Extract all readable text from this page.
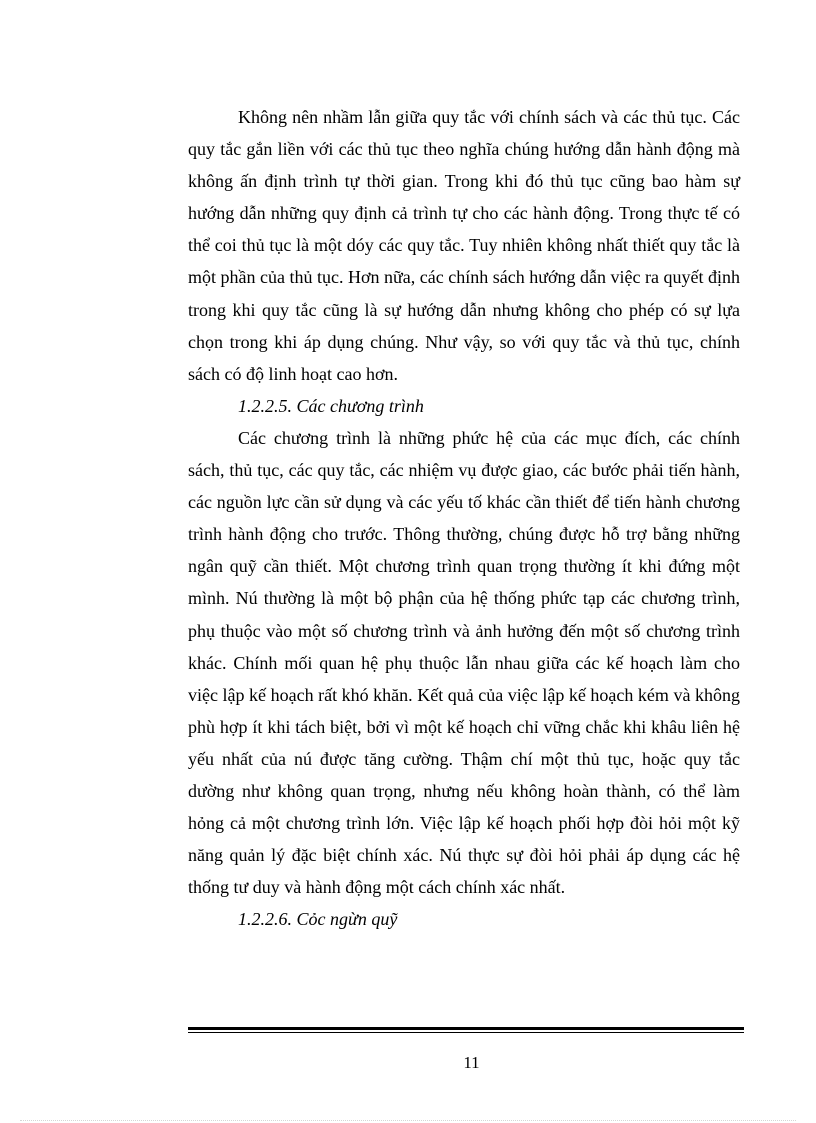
Không nên nhầm lẫn giữa quy tắc với chính sách và các thủ tục. Các quy tắc gắn liền với các thủ tục theo nghĩa chúng hướng dẫn hành động mà không ấn định trình tự thời gian. Trong khi đó thủ tục cũng bao hàm sự hướng dẫn những quy định cả trình tự cho các hành động. Trong thực tế có thể coi thủ tục là một dóy các quy tắc. Tuy nhiên không nhất thiết quy tắc là một phần của thủ tục. Hơn nữa, các chính sách hướng dẫn việc ra quyết định trong khi quy tắc cũng là sự hướng dẫn nhưng không cho phép có sự lựa chọn trong khi áp dụng chúng. Như vậy, so với quy tắc và thủ tục, chính sách có độ linh hoạt cao hơn.

1.2.2.5. Các chương trình

Các chương trình là những phức hệ của các mục đích, các chính sách, thủ tục, các quy tắc, các nhiệm vụ được giao, các bước phải tiến hành, các nguồn lực cần sử dụng và các yếu tố khác cần thiết để tiến hành chương trình hành động cho trước. Thông thường, chúng được hỗ trợ bằng những ngân quỹ cần thiết. Một chương trình quan trọng thường ít khi đứng một mình. Nú thường là một bộ phận của hệ thống phức tạp các chương trình, phụ thuộc vào một số chương trình và ảnh hưởng đến một số chương trình khác. Chính mối quan hệ phụ thuộc lẫn nhau giữa các kế hoạch làm cho việc lập kế hoạch rất khó khăn. Kết quả của việc lập kế hoạch kém và không phù hợp ít khi tách biệt, bởi vì một kế hoạch chỉ vững chắc khi khâu liên hệ yếu nhất của nú được tăng cường. Thậm chí một thủ tục, hoặc quy tắc dường như không quan trọng, nhưng nếu không hoàn thành, có thể làm hỏng cả một chương trình lớn. Việc lập kế hoạch phối hợp đòi hỏi một kỹ năng quản lý đặc biệt chính xác. Nú thực sự đòi hỏi phải áp dụng các hệ thống tư duy và hành động một cách chính xác nhất.

1.2.2.6. Cỏc ngừn quỹ

11
